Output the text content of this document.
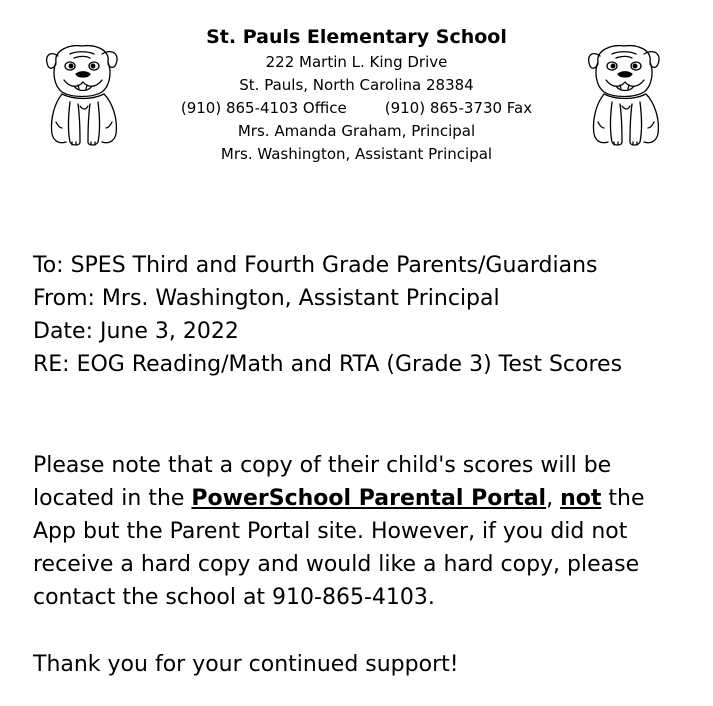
St. Pauls Elementary School
222 Martin L. King Drive
St. Pauls, North Carolina 28384
(910) 865-4103 Office	(910) 865-3730 Fax
Mrs. Amanda Graham, Principal
Mrs. Washington, Assistant Principal
To: SPES Third and Fourth Grade Parents/Guardians
From: Mrs. Washington, Assistant Principal
Date: June 3, 2022
RE: EOG Reading/Math and RTA (Grade 3) Test Scores
Please note that a copy of their child's scores will be located in the PowerSchool Parental Portal, not the App but the Parent Portal site. However, if you did not receive a hard copy and would like a hard copy, please contact the school at 910-865-4103.
Thank you for your continued support!
